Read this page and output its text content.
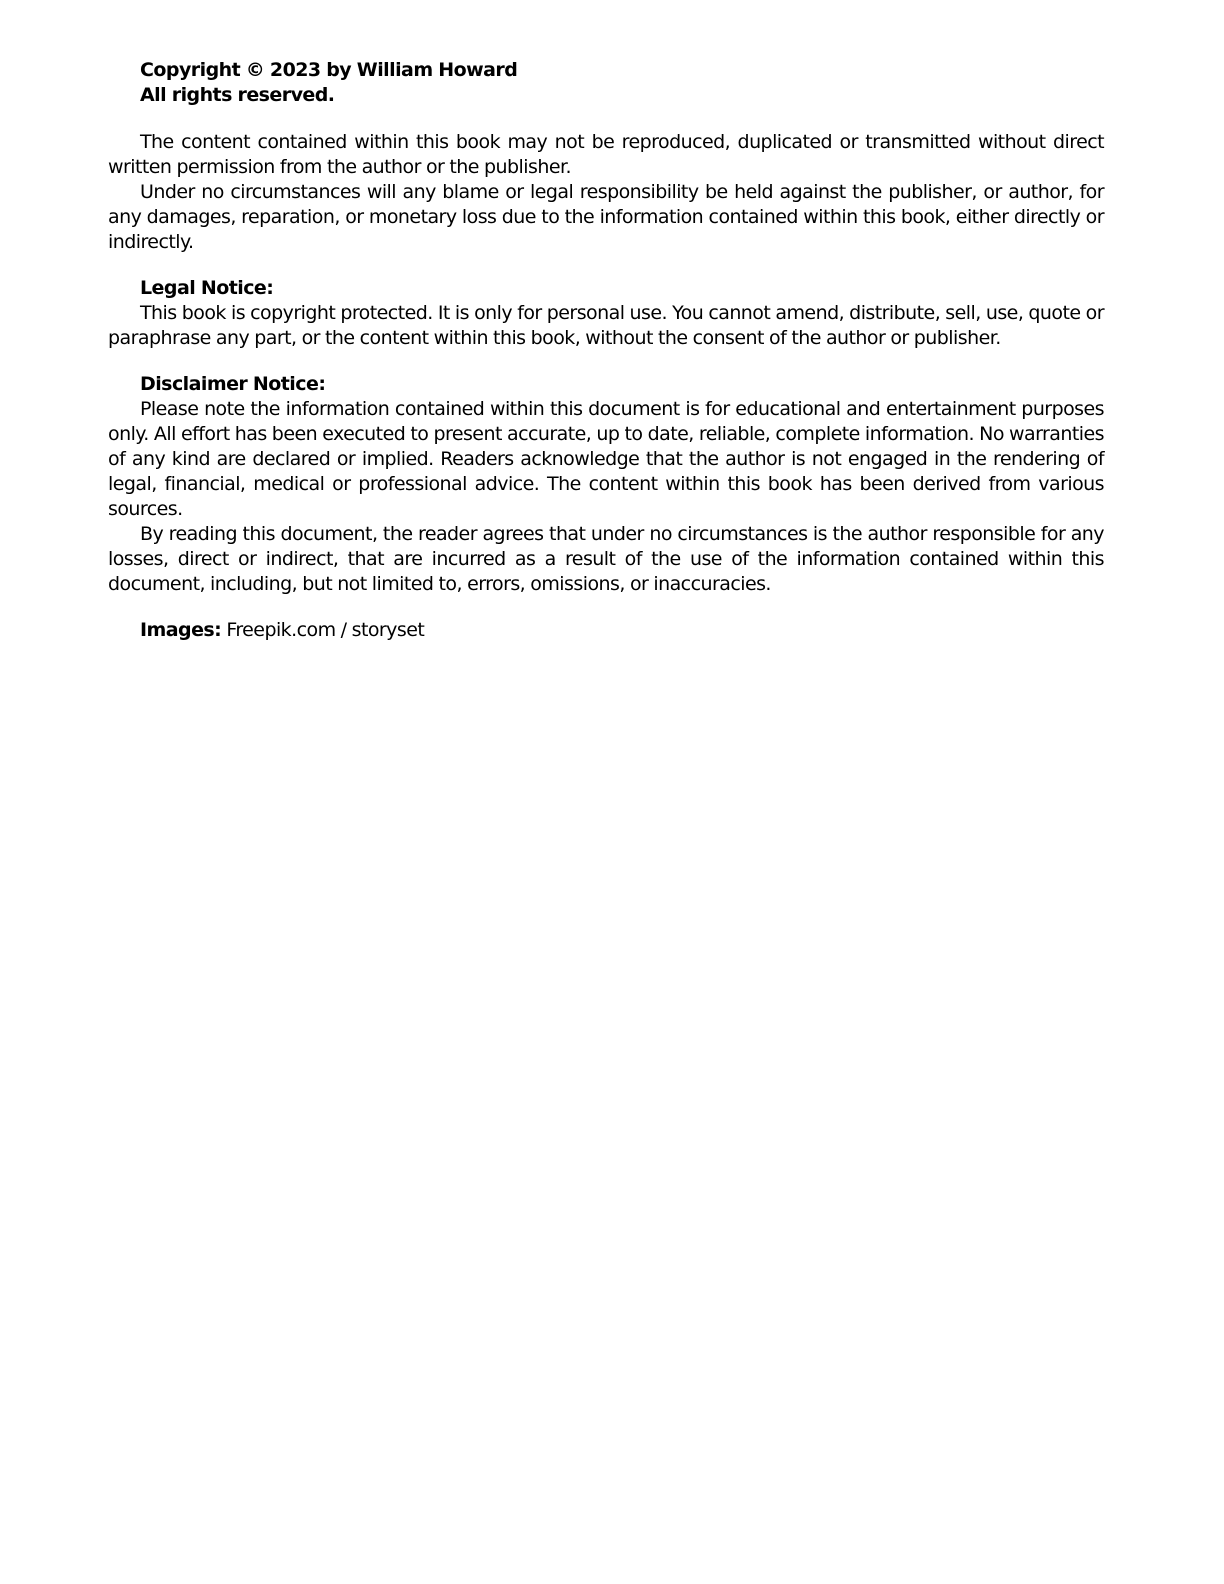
Copyright © 2023 by William Howard

All rights reserved.

The content contained within this book may not be reproduced, duplicated or transmitted without direct written permission from the author or the publisher.

Under no circumstances will any blame or legal responsibility be held against the publisher, or author, for any damages, reparation, or monetary loss due to the information contained within this book, either directly or indirectly.

Legal Notice:

This book is copyright protected. It is only for personal use. You cannot amend, distribute, sell, use, quote or paraphrase any part, or the content within this book, without the consent of the author or publisher.

Disclaimer Notice:

Please note the information contained within this document is for educational and entertainment purposes only. All effort has been executed to present accurate, up to date, reliable, complete information. No warranties of any kind are declared or implied. Readers acknowledge that the author is not engaged in the rendering of legal, financial, medical or professional advice. The content within this book has been derived from various sources.

By reading this document, the reader agrees that under no circumstances is the author responsible for any losses, direct or indirect, that are incurred as a result of the use of the information contained within this document, including, but not limited to, errors, omissions, or inaccuracies.

Images: Freepik.com / storyset
